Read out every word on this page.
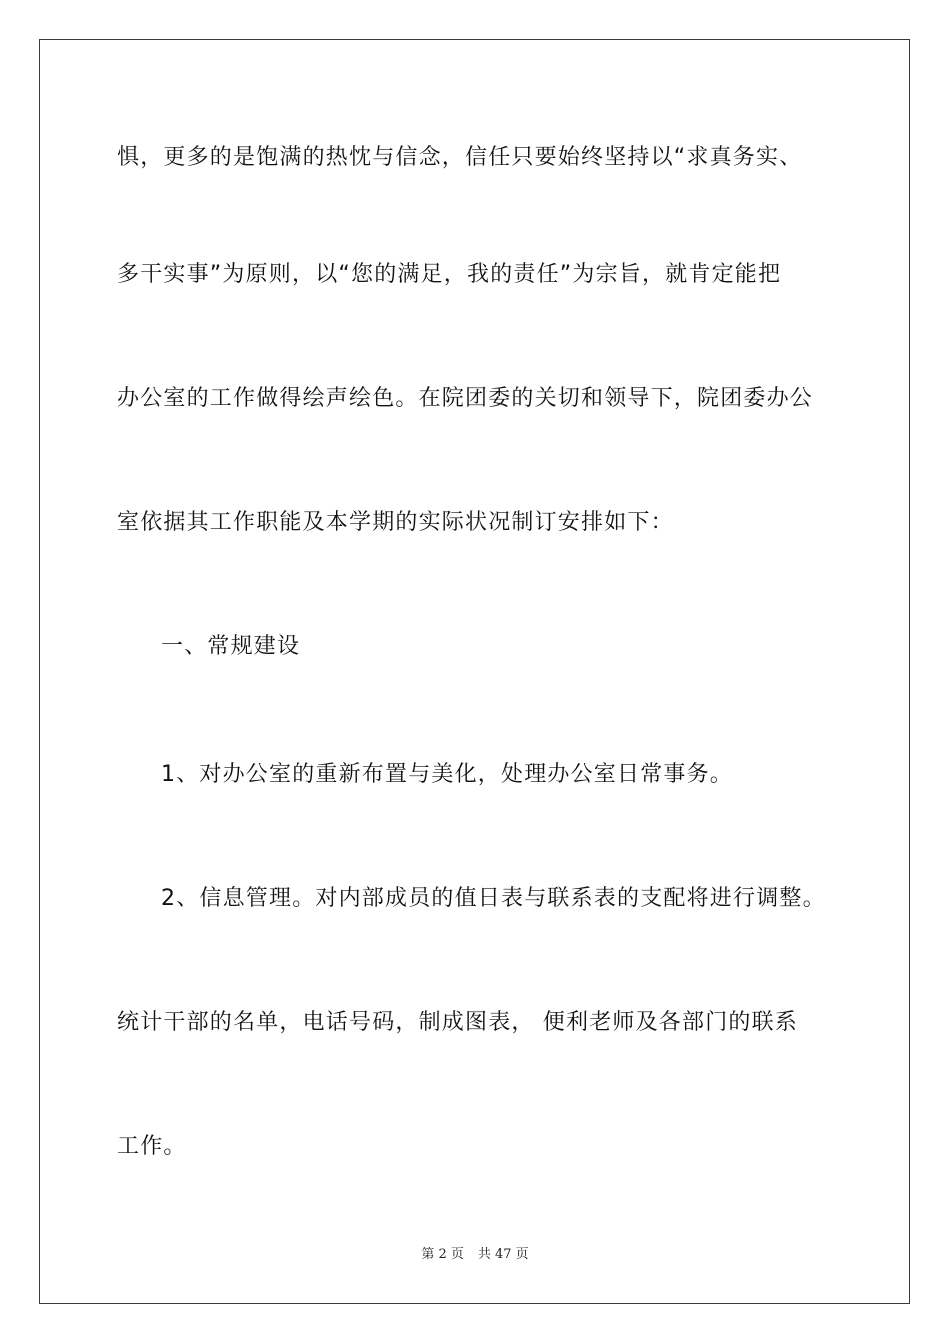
惧，更多的是饱满的热忱与信念，信任只要始终坚持以“求真务实、
多干实事”为原则，以“您的满足，我的责任”为宗旨，就肯定能把
办公室的工作做得绘声绘色。在院团委的关切和领导下，院团委办公
室依据其工作职能及本学期的实际状况制订安排如下：
一、常规建设
1、对办公室的重新布置与美化，处理办公室日常事务。
2、信息管理。对内部成员的值日表与联系表的支配将进行调整。
统计干部的名单，电话号码，制成图表， 便利老师及各部门的联系
工作。
第 2 页 共 47 页
